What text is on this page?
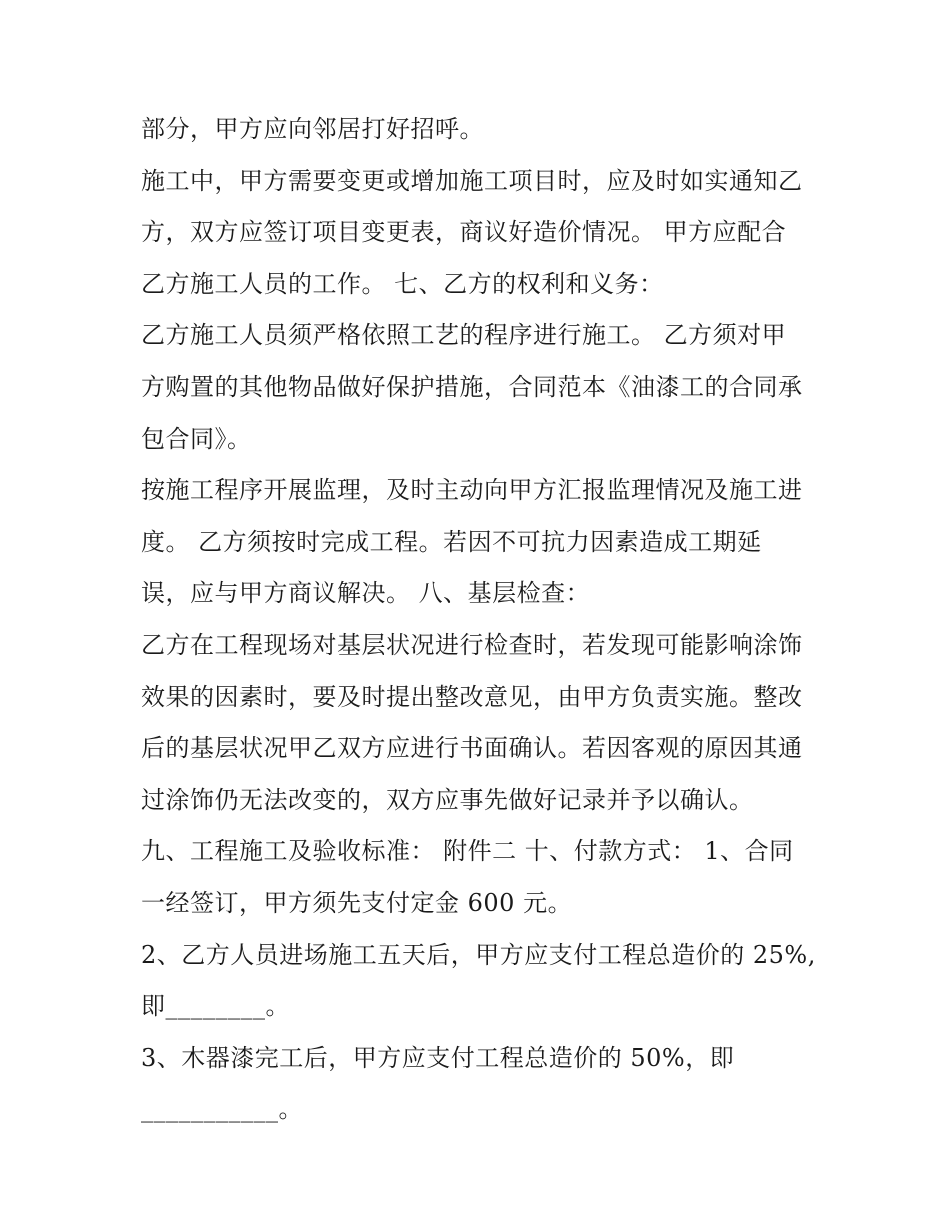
部分，甲方应向邻居打好招呼。
施工中，甲方需要变更或增加施工项目时，应及时如实通知乙
方，双方应签订项目变更表，商议好造价情况。 甲方应配合
乙方施工人员的工作。 七、乙方的权利和义务：
乙方施工人员须严格依照工艺的程序进行施工。 乙方须对甲
方购置的其他物品做好保护措施，合同范本《油漆工的合同承
包合同》。
按施工程序开展监理，及时主动向甲方汇报监理情况及施工进
度。 乙方须按时完成工程。若因不可抗力因素造成工期延
误，应与甲方商议解决。 八、基层检查：
乙方在工程现场对基层状况进行检查时，若发现可能影响涂饰
效果的因素时，要及时提出整改意见，由甲方负责实施。整改
后的基层状况甲乙双方应进行书面确认。若因客观的原因其通
过涂饰仍无法改变的，双方应事先做好记录并予以确认。
九、工程施工及验收标准： 附件二 十、付款方式： 1、合同
一经签订，甲方须先支付定金 600 元。
2、乙方人员进场施工五天后，甲方应支付工程总造价的 25%,
即________。
3、木器漆完工后，甲方应支付工程总造价的 50%，即
___________。
